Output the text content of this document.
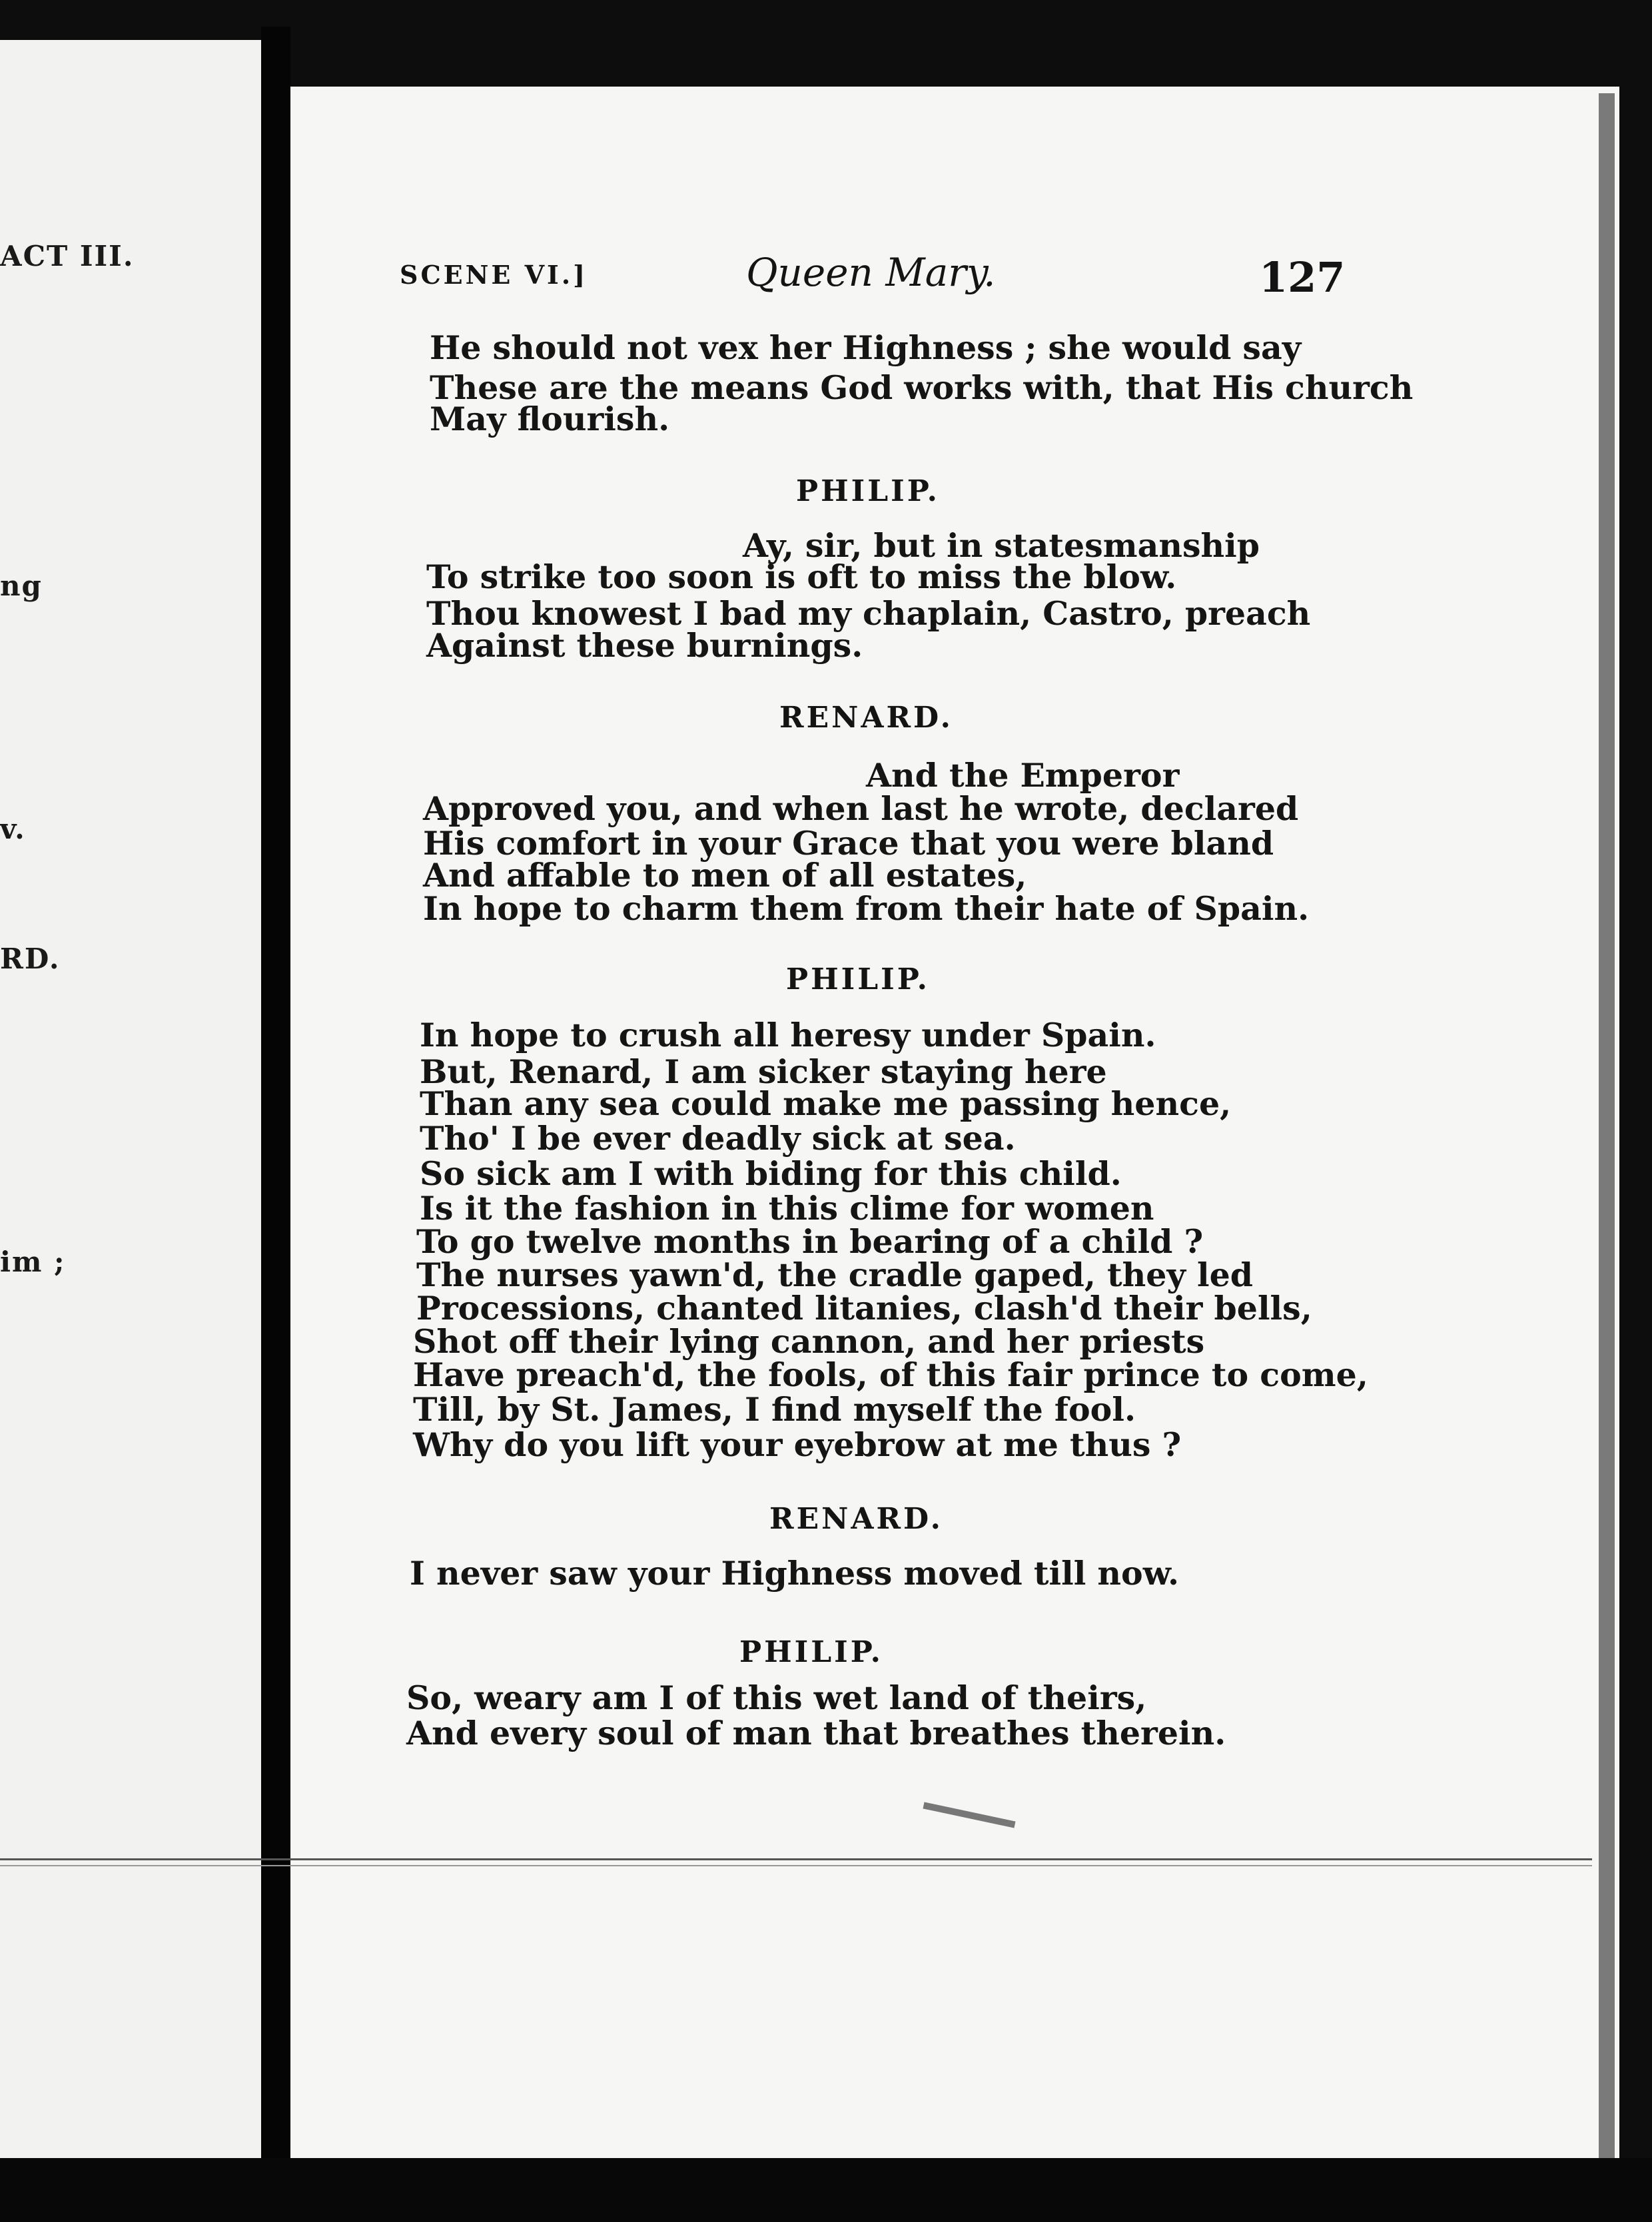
ACT III.
ng
v.
RD.
im ;
SCENE VI.]	Queen Mary.	127
He should not vex her Highness ; she would say
These are the means God works with, that His church
May flourish.
PHILIP.
Ay, sir, but in statesmanship
To strike too soon is oft to miss the blow.
Thou knowest I bad my chaplain, Castro, preach
Against these burnings.
RENARD.
And the Emperor
Approved you, and when last he wrote, declared
His comfort in your Grace that you were bland
And affable to men of all estates,
In hope to charm them from their hate of Spain.
PHILIP.
In hope to crush all heresy under Spain.
But, Renard, I am sicker staying here
Than any sea could make me passing hence,
Tho' I be ever deadly sick at sea.
So sick am I with biding for this child.
Is it the fashion in this clime for women
To go twelve months in bearing of a child ?
The nurses yawn'd, the cradle gaped, they led
Processions, chanted litanies, clash'd their bells,
Shot off their lying cannon, and her priests
Have preach'd, the fools, of this fair prince to come,
Till, by St. James, I find myself the fool.
Why do you lift your eyebrow at me thus ?
RENARD.
I never saw your Highness moved till now.
PHILIP.
So, weary am I of this wet land of theirs,
And every soul of man that breathes therein.
